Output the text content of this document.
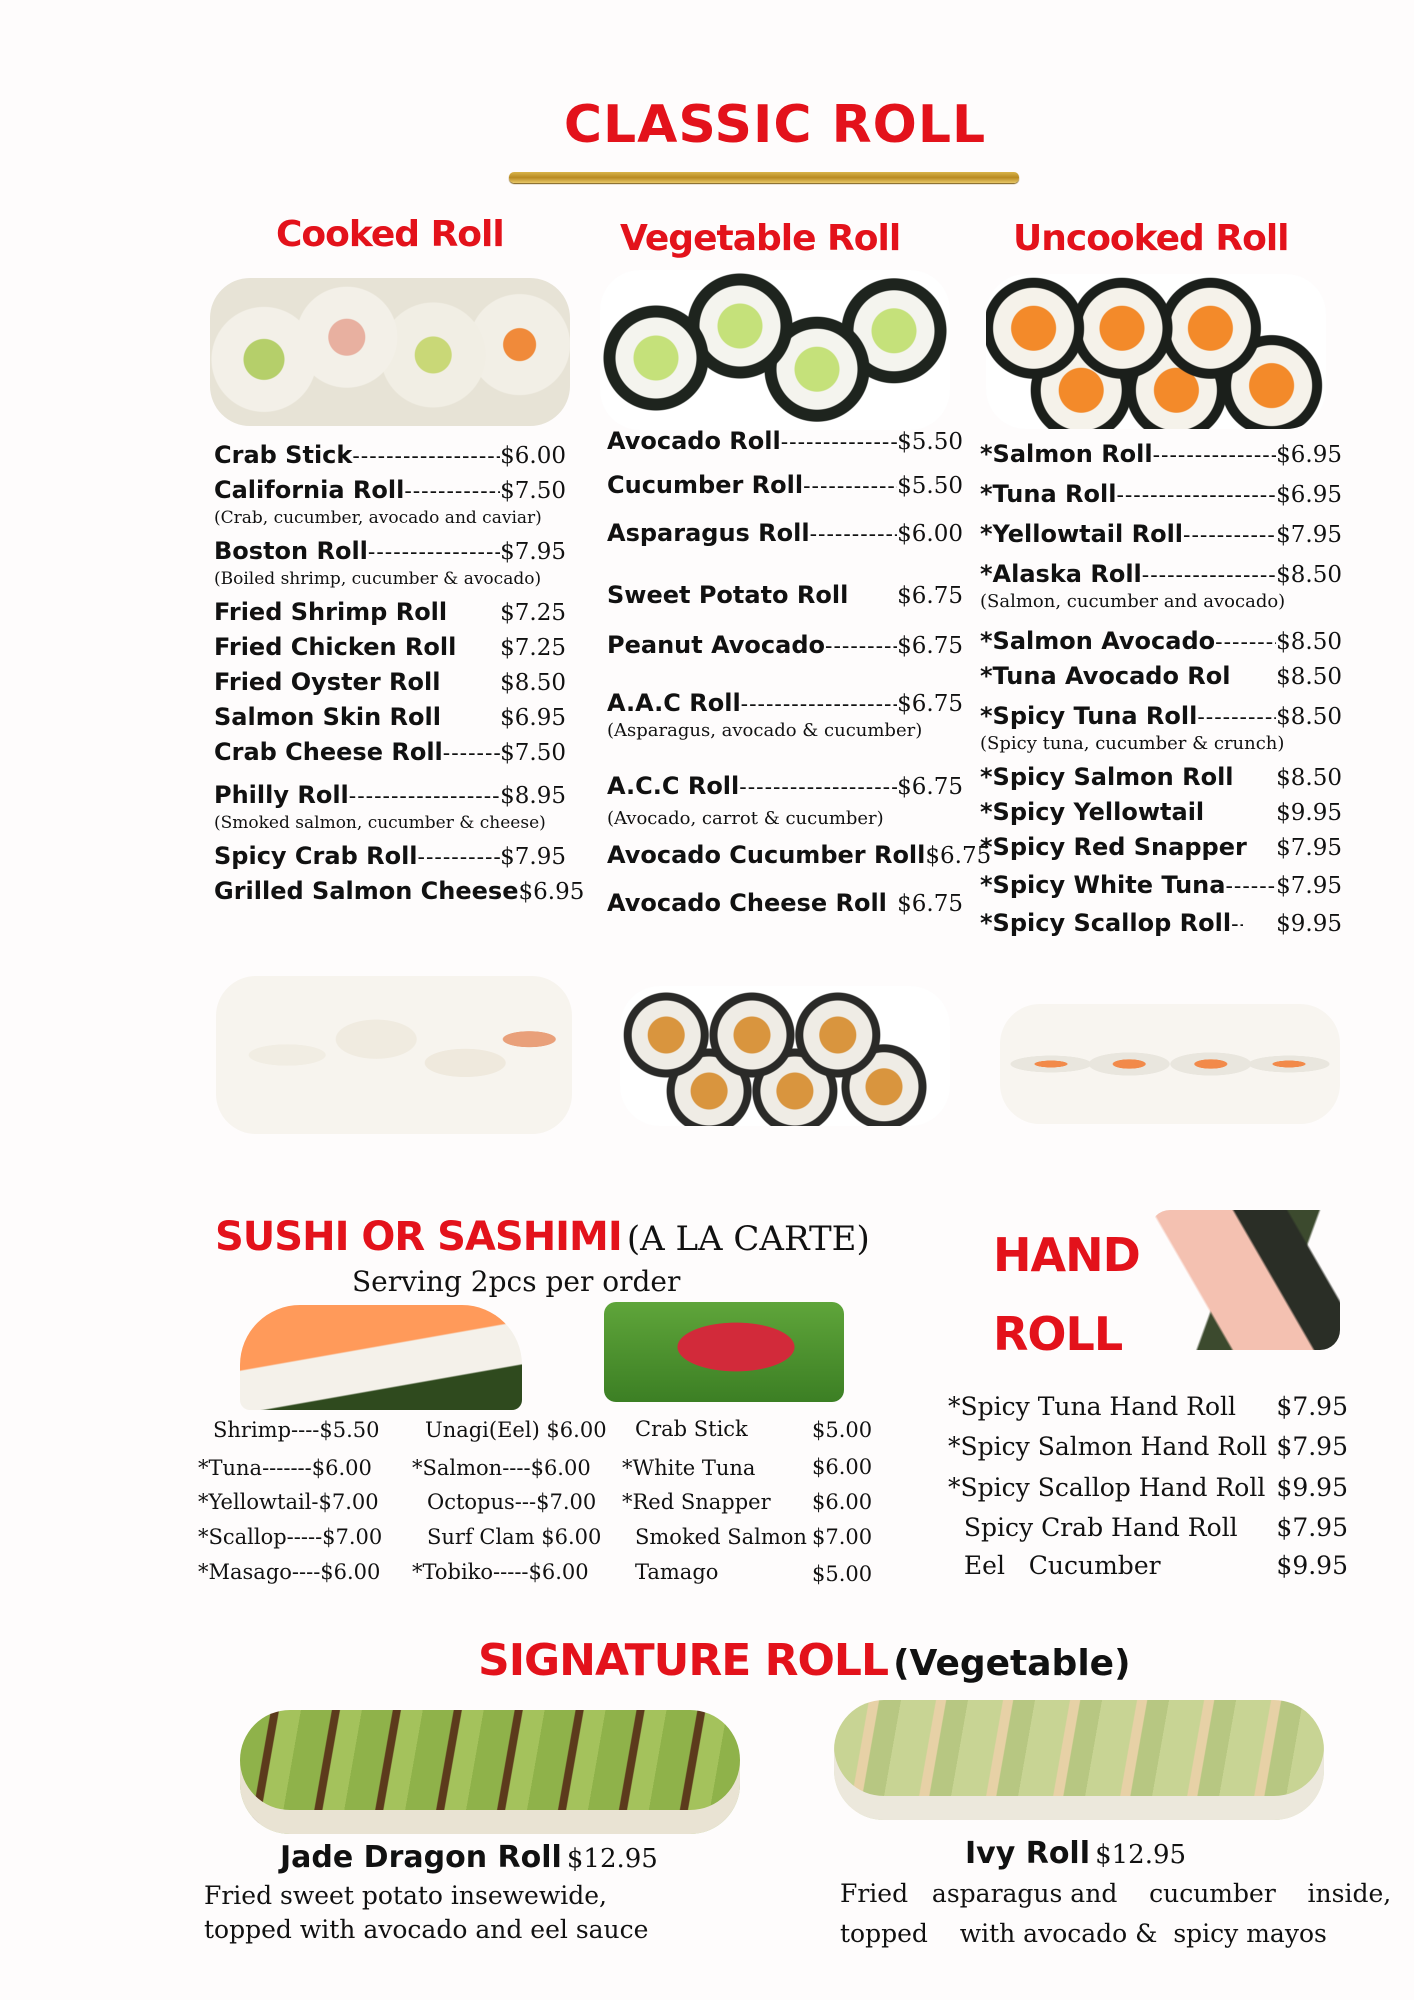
CLASSIC ROLL
Cooked Roll	Vegetable Roll	Uncooked Roll
Crab Stick -----	$6.00
California Roll -----	$7.50
(Crab, cucumber, avocado and caviar)
Boston Roll -----	$7.95
(Boiled shrimp, cucumber & avocado)
Fried Shrimp Roll $7.25
Fried Chicken Roll $7.25
Fried Oyster Roll	$8.50
Salmon Skin Roll	$6.95
Crab Cheese Roll ----- $7.50
Philly Roll -----	$8.95
(Smoked salmon, cucumber & cheese)
Spicy Crab Roll -----	$7.95
Grilled Salmon Cheese $6.95
Avocado Roll -----	$5.50
Cucumber Roll -----	$5.50
Asparagus Roll -----	$6.00
Sweet Potato Roll $6.75
Peanut Avocado -----	$6.75
A.A.C Roll -----	$6.75
(Asparagus, avocado & cucumber)
A.C.C Roll -----	$6.75
(Avocado, carrot & cucumber)
Avocado Cucumber Roll $6.75
Avocado Cheese Roll $6.75
*Salmon Roll -----	$6.95
*Tuna Roll -----	$6.95
*Yellowtail Roll -----	$7.95
*Alaska Roll -----	$8.50
(Salmon, cucumber and avocado)
*Salmon Avocado -----	$8.50
*Tuna Avocado Rol $8.50
*Spicy Tuna Roll -----	$8.50
(Spicy tuna, cucumber & crunch)
*Spicy Salmon Roll $8.50
*Spicy Yellowtail	$9.95
*Spicy Red Snapper $7.95
*Spicy White Tuna ----- $7.95
*Spicy Scallop Roll ----- $9.95
SUSHI OR SASHIMI (A LA CARTE)
Serving 2pcs per order
Shrimp----$5.50
*Tuna-------$6.00
*Yellowtail-$7.00
*Scallop-----$7.00
*Masago----$6.00
Unagi(Eel) $6.00
*Salmon----$6.00
Octopus---$7.00
Surf Clam $6.00
*Tobiko-----$6.00
Crab Stick	$5.00
*White Tuna	$6.00
*Red Snapper $6.00
Smoked Salmon $7.00
Tamago	$5.00
HAND
ROLL
*Spicy Tuna Hand Roll $7.95
*Spicy Salmon Hand Roll $7.95
*Spicy Scallop Hand Roll $9.95
Spicy Crab Hand Roll $7.95
Eel   Cucumber	$9.95
SIGNATURE ROLL (Vegetable)
Jade Dragon Roll $12.95
Fried sweet potato insewewide,
topped with avocado and eel sauce
Ivy Roll $12.95
Fried   asparagus and    cucumber    inside,
topped    with avocado &  spicy mayos
